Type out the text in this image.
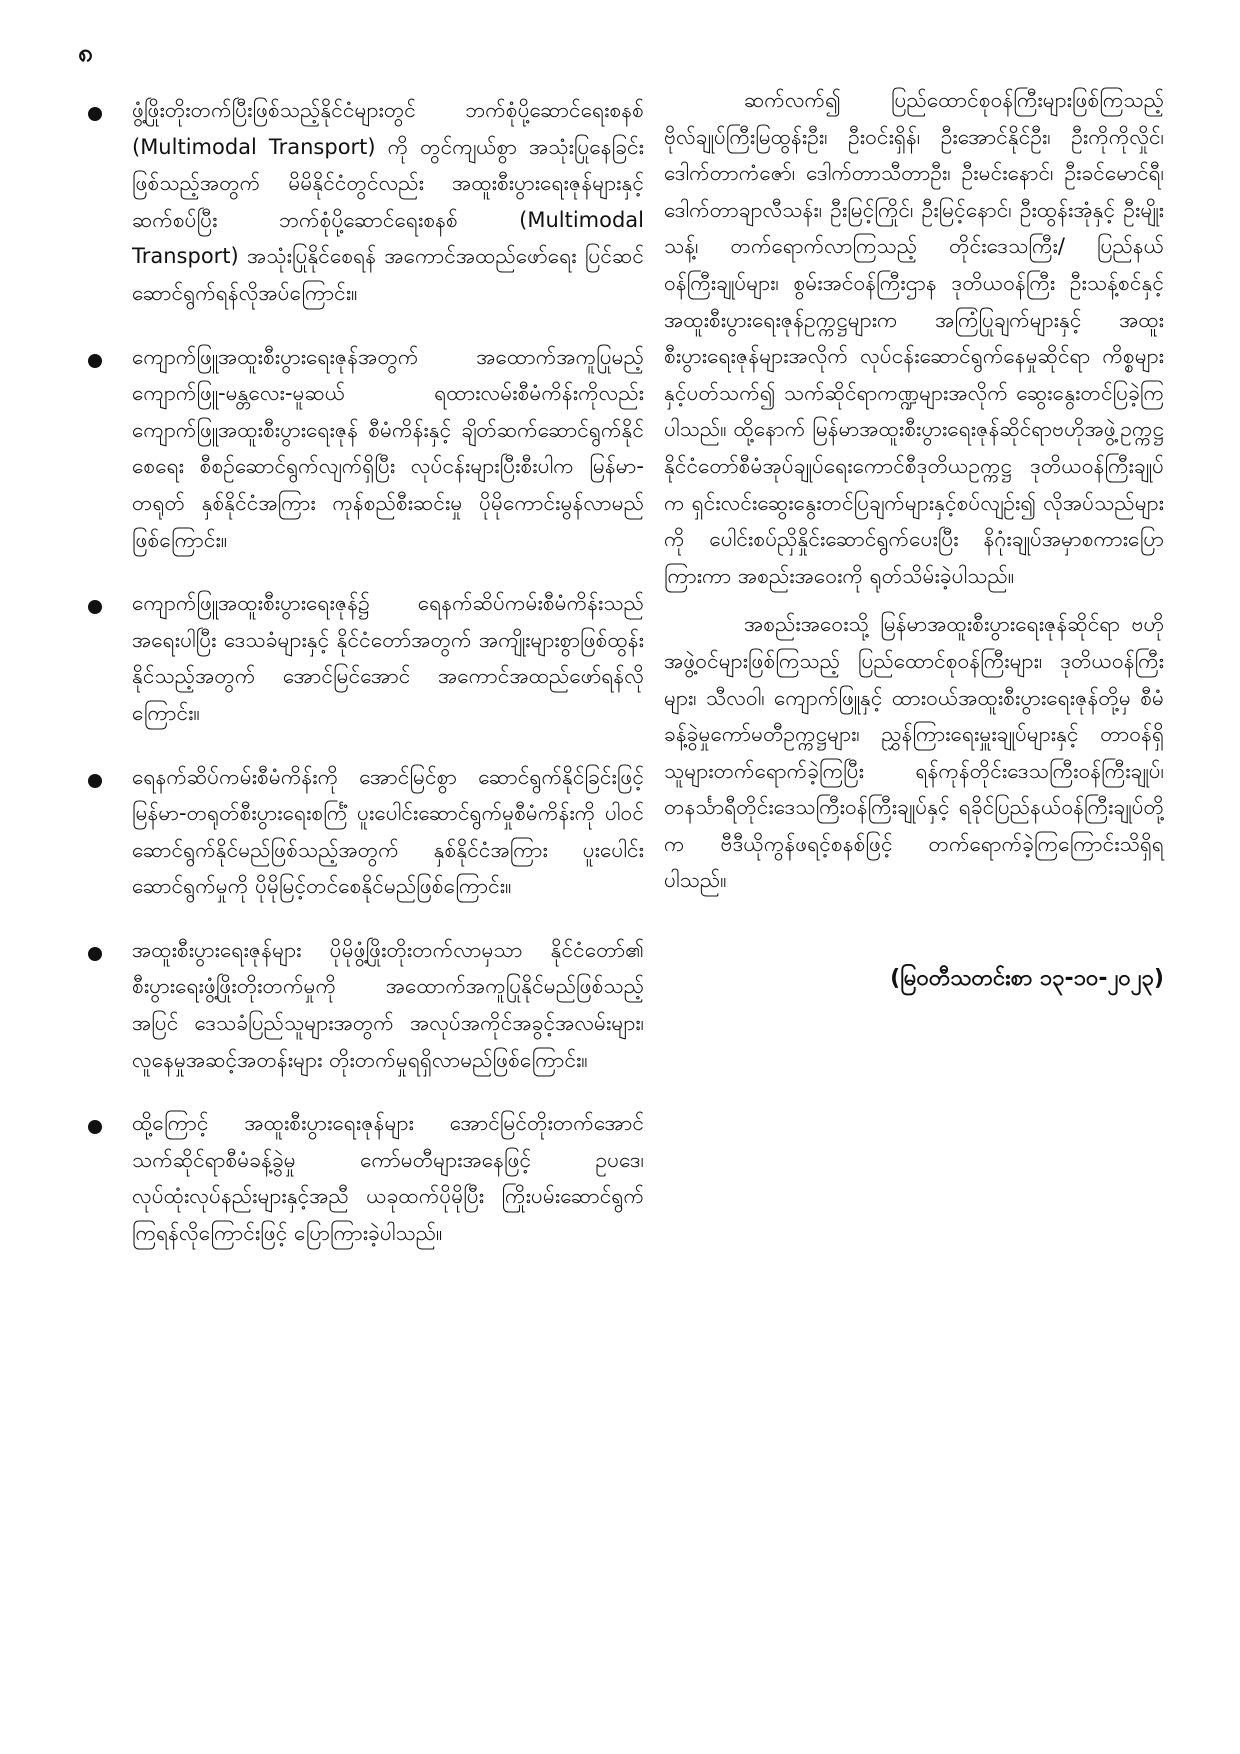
၈
ဖွံ့ဖြိုးတိုးတက်ပြီးဖြစ်သည့်နိုင်ငံများတွင် ဘက်စုံပို့ဆောင်ရေးစနစ် (Multimodal Transport) ကို တွင်ကျယ်စွာ အသုံးပြုနေခြင်းဖြစ်သည့်အတွက် မိမိနိုင်ငံတွင်လည်း အထူးစီးပွားရေးဇုန်များနှင့်ဆက်စပ်ပြီး ဘက်စုံပို့ဆောင်ရေးစနစ် (Multimodal Transport) အသုံးပြုနိုင်စေရန် အကောင်အထည်ဖော်ရေး ပြင်ဆင်ဆောင်ရွက်ရန်လိုအပ်ကြောင်း။
ကျောက်ဖြူအထူးစီးပွားရေးဇုန်အတွက် အထောက်အကူပြုမည့် ကျောက်ဖြူ-မန္တလေး-မူဆယ် ရထားလမ်းစီမံကိန်းကိုလည်း ကျောက်ဖြူအထူးစီးပွားရေးဇုန် စီမံကိန်းနှင့် ချိတ်ဆက်ဆောင်ရွက်နိုင်စေရေး စီစဉ်ဆောင်ရွက်လျက်ရှိပြီး လုပ်ငန်းများပြီးစီးပါက မြန်မာ-တရုတ် နှစ်နိုင်ငံအကြား ကုန်စည်စီးဆင်းမှု ပိုမိုကောင်းမွန်လာမည်ဖြစ်ကြောင်း။
ကျောက်ဖြူအထူးစီးပွားရေးဇုန်၌ ရေနက်ဆိပ်ကမ်းစီမံကိန်းသည် အရေးပါပြီး ဒေသခံများနှင့် နိုင်ငံတော်အတွက် အကျိုးများစွာဖြစ်ထွန်းနိုင်သည့်အတွက် အောင်မြင်အောင် အကောင်အထည်ဖော်ရန်လိုကြောင်း။
ရေနက်ဆိပ်ကမ်းစီမံကိန်းကို အောင်မြင်စွာ ဆောင်ရွက်နိုင်ခြင်းဖြင့် မြန်မာ-တရုတ်စီးပွားရေးစင်္ကြံ ပူးပေါင်းဆောင်ရွက်မှုစီမံကိန်းကို ပါဝင်ဆောင်ရွက်နိုင်မည်ဖြစ်သည့်အတွက် နှစ်နိုင်ငံအကြား ပူးပေါင်းဆောင်ရွက်မှုကို ပိုမိုမြင့်တင်စေနိုင်မည်ဖြစ်ကြောင်း။
အထူးစီးပွားရေးဇုန်များ ပိုမိုဖွံ့ဖြိုးတိုးတက်လာမှသာ နိုင်ငံတော်၏ စီးပွားရေးဖွံ့ဖြိုးတိုးတက်မှုကို အထောက်အကူပြုနိုင်မည်ဖြစ်သည့်အပြင် ဒေသခံပြည်သူများအတွက် အလုပ်အကိုင်အခွင့်အလမ်းများ၊ လူနေမှုအဆင့်အတန်းများ တိုးတက်မှုရရှိလာမည်ဖြစ်ကြောင်း။
ထို့ကြောင့် အထူးစီးပွားရေးဇုန်များ အောင်မြင်တိုးတက်အောင် သက်ဆိုင်ရာစီမံခန့်ခွဲမှု ကော်မတီများအနေဖြင့် ဥပဒေ၊ လုပ်ထုံးလုပ်နည်းများနှင့်အညီ ယခုထက်ပိုမိုပြီး ကြိုးပမ်းဆောင်ရွက်ကြရန်လိုကြောင်းဖြင့် ပြောကြားခဲ့ပါသည်။
ဆက်လက်၍ ပြည်ထောင်စုဝန်ကြီးများဖြစ်ကြသည့် ဗိုလ်ချုပ်ကြီးမြထွန်းဦး၊ ဦးဝင်းရှိန်၊ ဦးအောင်နိုင်ဦး၊ ဦးကိုကိုလှိုင်၊ ဒေါက်တာကံဇော်၊ ဒေါက်တာသီတာဦး၊ ဦးမင်းနောင်၊ ဦးခင်မောင်ရီ၊ ဒေါက်တာချာလီသန်း၊ ဦးမြင့်ကြိုင်၊ ဦးမြင့်နောင်၊ ဦးထွန်းအုံနှင့် ဦးမျိုးသန့်၊ တက်ရောက်လာကြသည့် တိုင်းဒေသကြီး/ ပြည်နယ်ဝန်ကြီးချုပ်များ၊ စွမ်းအင်ဝန်ကြီးဌာန ဒုတိယဝန်ကြီး ဦးသန့်စင်နှင့် အထူးစီးပွားရေးဇုန်ဥက္ကဋ္ဌများက အကြံပြုချက်များနှင့် အထူးစီးပွားရေးဇုန်များအလိုက် လုပ်ငန်းဆောင်ရွက်နေမှုဆိုင်ရာ ကိစ္စများနှင့်ပတ်သက်၍ သက်ဆိုင်ရာကဏ္ဍများအလိုက် ဆွေးနွေးတင်ပြခဲ့ကြပါသည်။ ထို့နောက် မြန်မာအထူးစီးပွားရေးဇုန်ဆိုင်ရာဗဟိုအဖွဲ့ဥက္ကဋ္ဌ နိုင်ငံတော်စီမံအုပ်ချုပ်ရေးကောင်စီဒုတိယဥက္ကဋ္ဌ ဒုတိယဝန်ကြီးချုပ်က ရှင်းလင်းဆွေးနွေးတင်ပြချက်များနှင့်စပ်လျဉ်း၍ လိုအပ်သည်များကို ပေါင်းစပ်ညှိနှိုင်းဆောင်ရွက်ပေးပြီး နိဂုံးချုပ်အမှာစကားပြောကြားကာ အစည်းအဝေးကို ရုတ်သိမ်းခဲ့ပါသည်။
အစည်းအဝေးသို့ မြန်မာအထူးစီးပွားရေးဇုန်ဆိုင်ရာ ဗဟိုအဖွဲ့ဝင်များဖြစ်ကြသည့် ပြည်ထောင်စုဝန်ကြီးများ၊ ဒုတိယဝန်ကြီးများ၊ သီလဝါ၊ ကျောက်ဖြူနှင့် ထားဝယ်အထူးစီးပွားရေးဇုန်တို့မှ စီမံခန့်ခွဲမှုကော်မတီဥက္ကဋ္ဌများ၊ ညွှန်ကြားရေးမှူးချုပ်များနှင့် တာဝန်ရှိသူများတက်ရောက်ခဲ့ကြပြီး ရန်ကုန်တိုင်းဒေသကြီးဝန်ကြီးချုပ်၊ တနင်္သာရီတိုင်းဒေသကြီးဝန်ကြီးချုပ်နှင့် ရခိုင်ပြည်နယ်ဝန်ကြီးချုပ်တို့က ဗီဒီယိုကွန်ဖရင့်စနစ်ဖြင့် တက်ရောက်ခဲ့ကြကြောင်းသိရှိရပါသည်။
(မြဝတီသတင်းစာ ၁၃-၁၀-၂၀၂၃)
